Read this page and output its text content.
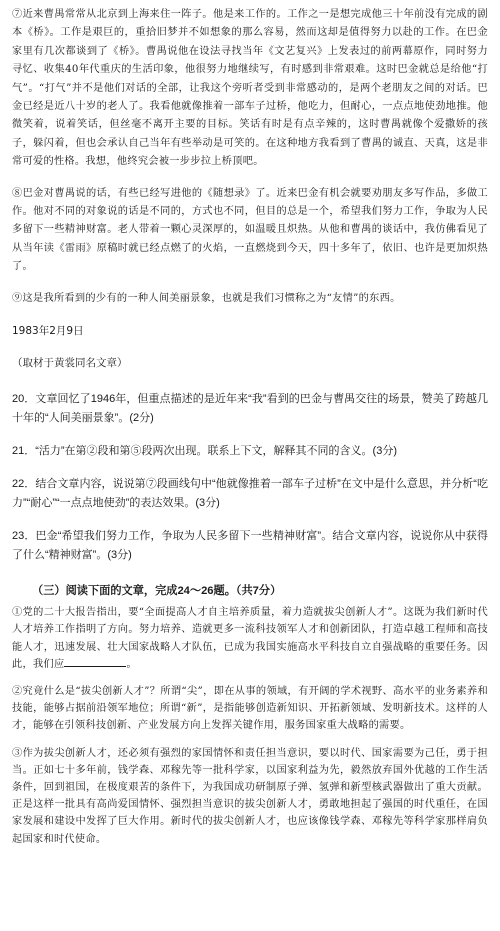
⑦近来曹禺常常从北京到上海来住一阵子。他是来工作的。工作之一是想完成他三十年前没有完成的剧本《桥》。工作是艰巨的，重拾旧梦并不如想象的那么容易，然而这却是值得努力以赴的工作。在巴金家里有几次都谈到了《桥》。曹禺说他在设法寻找当年《文艺复兴》上发表过的前两幕原作，同时努力寻忆、收集40年代重庆的生活印象，他很努力地继续写，有时感到非常艰难。这时巴金就总是给他“打气”。“打气”并不是他们对话的全部，让我这个旁听者受到非常感动的，是两个老朋友之间的对话。巴金已经是近八十岁的老人了。我看他就像推着一部车子过桥，他吃力，但耐心，一点点地使劲地推。他微笑着，说着笑话，但丝毫不离开主要的目标。笑话有时是有点辛辣的，这时曹禺就像个爱撒娇的孩子，躲闪着，但也会承认自己当年有些举动是可笑的。在这种地方我看到了曹禺的诚直、天真，这是非常可爱的性格。我想，他终究会被一步步拉上桥顶吧。

⑧巴金对曹禺说的话，有些已经写进他的《随想录》了。近来巴金有机会就要劝朋友多写作品，多做工作。他对不同的对象说的话是不同的，方式也不同，但目的总是一个，希望我们努力工作，争取为人民多留下一些精神财富。老人带着一颗心灵深厚的，如温暖且炽热。从他和曹禺的谈话中，我仿佛看见了从当年读《雷雨》原稿时就已经点燃了的火焰，一直燃烧到今天，四十多年了，依旧、也许是更加炽热了。

⑨这是我所看到的少有的一种人间美丽景象，也就是我们习惯称之为“友情”的东西。

1983年2月9日
（取材于黄裳同名文章）

20．文章回忆了1946年，但重点描述的是近年来“我”看到的巴金与曹禺交往的场景，赞美了跨越几十年的“人间美丽景象”。(2分)

21．“活力”在第②段和第⑤段两次出现。联系上下文，解释其不同的含义。(3分)

22．结合文章内容，说说第⑦段画线句中“他就像推着一部车子过桥”在文中是什么意思，并分析“吃力”“耐心”“一点点地使劲”的表达效果。(3分)

23．巴金“希望我们努力工作，争取为人民多留下一些精神财富”。结合文章内容，说说你从中获得了什么“精神财富”。(3分)

（三）阅读下面的文章，完成24～26题。（共7分）

①党的二十大报告指出，要“全面提高人才自主培养质量，着力造就拔尖创新人才”。这既为我们新时代人才培养工作指明了方向。努力培养、造就更多一流科技领军人才和创新团队，打造卓越工程师和高技能人才，迅速发展、壮大国家战略人才队伍，已成为我国实施高水平科技自立自强战略的重要任务。因此，我们应	。

②究竟什么是“拔尖创新人才”？所谓“尖”，即在从事的领域，有开阔的学术视野、高水平的业务素养和技能，能够占据前沿领军地位；所谓“新”，是指能够创造新知识、开拓新领域、发明新技术。这样的人才，能够在引领科技创新、产业发展方向上发挥关键作用，服务国家重大战略的需要。

③作为拔尖创新人才，还必须有强烈的家国情怀和责任担当意识，要以时代、国家需要为己任，勇于担当。正如七十多年前，钱学森、邓稼先等一批科学家，以国家利益为先，毅然放弃国外优越的工作生活条件，回到祖国，在极度艰苦的条件下，为我国成功研制原子弹、氢弹和新型核武器做出了重大贡献。正是这样一批具有高尚爱国情怀、强烈担当意识的拔尖创新人才，勇敢地担起了强国的时代重任，在国家发展和建设中发挥了巨大作用。新时代的拔尖创新人才，也应该像钱学森、邓稼先等科学家那样肩负起国家和时代使命。
